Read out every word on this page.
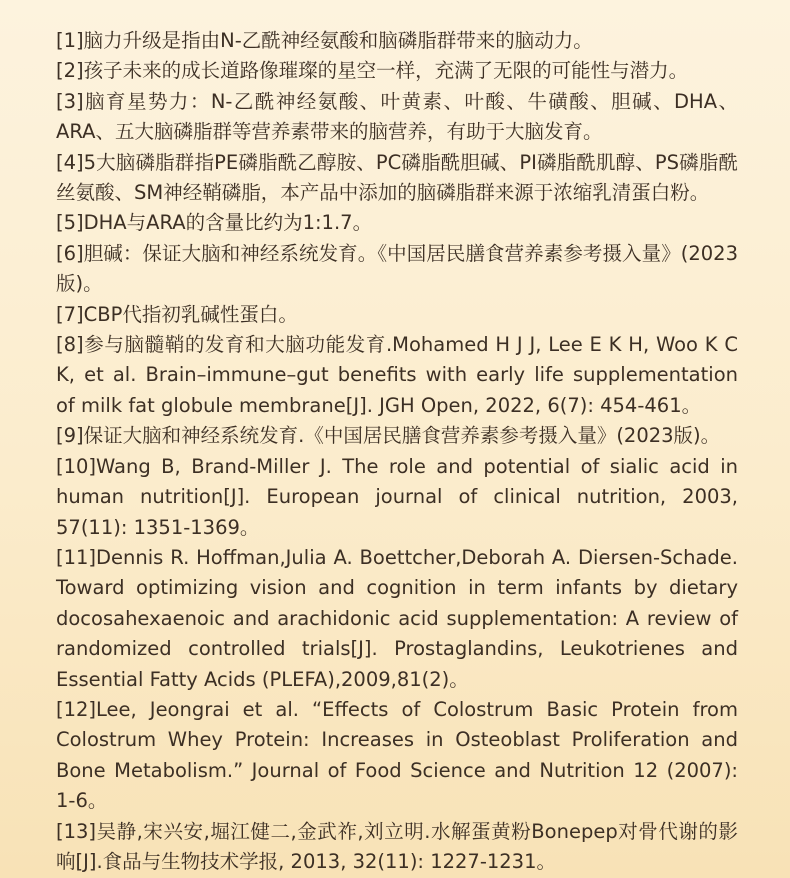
[1]脑力升级是指由N-乙酰神经氨酸和脑磷脂群带来的脑动力。

[2]孩子未来的成长道路像璀璨的星空一样，充满了无限的可能性与潜力。

[3]脑育星势力：N-乙酰神经氨酸、叶黄素、叶酸、牛磺酸、胆碱、DHA、ARA、五大脑磷脂群等营养素带来的脑营养，有助于大脑发育。

[4]5大脑磷脂群指PE磷脂酰乙醇胺、PC磷脂酰胆碱、PI磷脂酰肌醇、PS磷脂酰丝氨酸、SM神经鞘磷脂，本产品中添加的脑磷脂群来源于浓缩乳清蛋白粉。

[5]DHA与ARA的含量比约为1:1.7。

[6]胆碱：保证大脑和神经系统发育。《中国居民膳食营养素参考摄入量》(2023版)。

[7]CBP代指初乳碱性蛋白。

[8]参与脑髓鞘的发育和大脑功能发育.Mohamed H J J, Lee E K H, Woo K C K, et al. Brain–immune–gut benefits with early life supplementation of milk fat globule membrane[J]. JGH Open, 2022, 6(7): 454-461。

[9]保证大脑和神经系统发育.《中国居民膳食营养素参考摄入量》(2023版)。

[10]Wang B, Brand-Miller J. The role and potential of sialic acid in human nutrition[J]. European journal of clinical nutrition, 2003, 57(11): 1351-1369。

[11]Dennis R. Hoffman,Julia A. Boettcher,Deborah A. Diersen-Schade. Toward optimizing vision and cognition in term infants by dietary docosahexaenoic and arachidonic acid supplementation: A review of randomized controlled trials[J]. Prostaglandins, Leukotrienes and Essential Fatty Acids (PLEFA),2009,81(2)。

[12]Lee, Jeongrai et al. “Effects of Colostrum Basic Protein from Colostrum Whey Protein: Increases in Osteoblast Proliferation and Bone Metabolism.” Journal of Food Science and Nutrition 12 (2007): 1-6。

[13]吴静,宋兴安,堀江健二,金武祚,刘立明.水解蛋黄粉Bonepep对骨代谢的影响[J].食品与生物技术学报, 2013, 32(11): 1227-1231。
